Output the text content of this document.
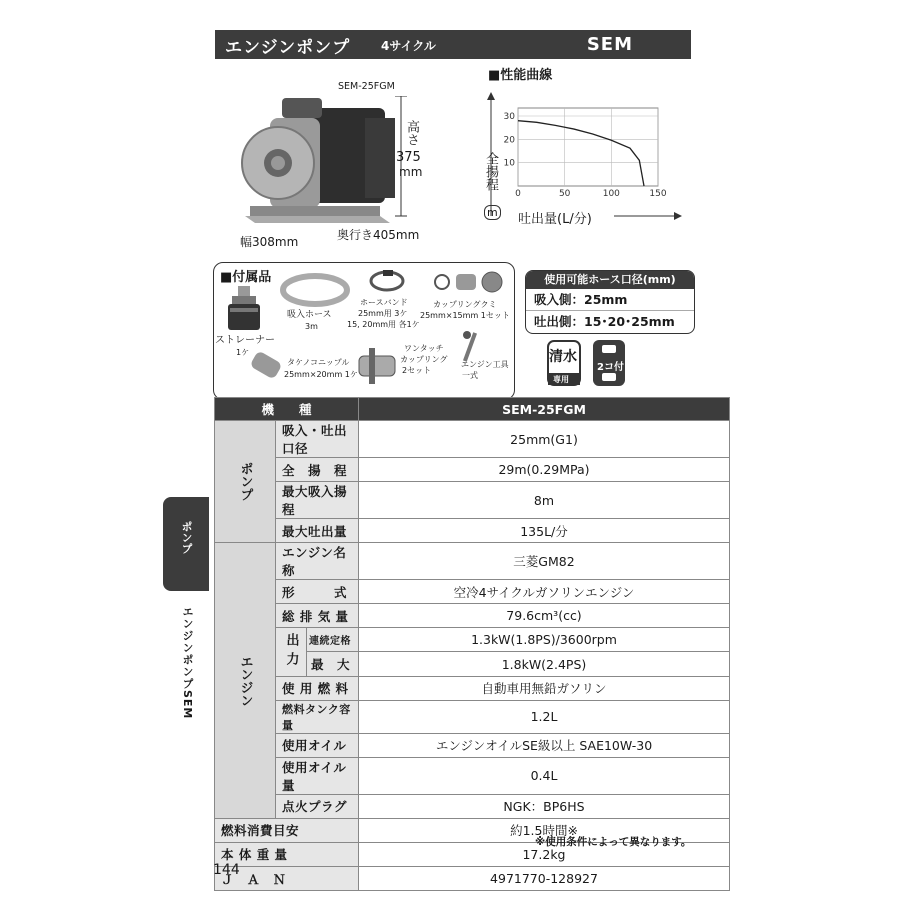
エンジンポンプ	4サイクル	SEM
SEM-25FGM
高さ
375
mm
幅308mm	奥行き405mm
■性能曲線
10
20
30
0	50	100	150
全揚程
m 吐出量(L/分)
■付属品
ストレーナー
1ケ
吸入ホース
3m
ホースバンド
25mm用 3ケ
15, 20mm用 各1ケ
カップリングクミ
25mm×15mm 1セット
タケノコニップル
25mm×20mm 1ケ
ワンタッチ
カップリング
2セット
エンジン工具
一式
使用可能ホース口径(mm)
吸入側：25mm
吐出側：15･20･25mm
清水
専用
2コ付
ポンプ
エンジンポンプSEM
機　　種			SEM-25FGM
ポンプ	吸入・吐出口径		25mm(G1)
	全　揚　程		29m(0.29MPa)
	最大吸入揚程		8m
	最大吐出量		135L/分
エンジン	エンジン名称		三菱GM82
	形　　　式		空冷4サイクルガソリンエンジン
	総 排 気 量		79.6cm³(cc)
	出力	連続定格	1.3kW(1.8PS)/3600rpm
		最　大	1.8kW(2.4PS)
	使 用 燃 料		自動車用無鉛ガソリン
	燃料タンク容量		1.2L
	使用オイル		エンジンオイルSE級以上 SAE10W-30
	使用オイル量		0.4L
	点火プラグ		NGK：BP6HS
燃料消費目安			約1.5時間※
本 体 重 量			17.2kg
Ｊ　Ａ　Ｎ			4971770-128927
※使用条件によって異なります。
144
